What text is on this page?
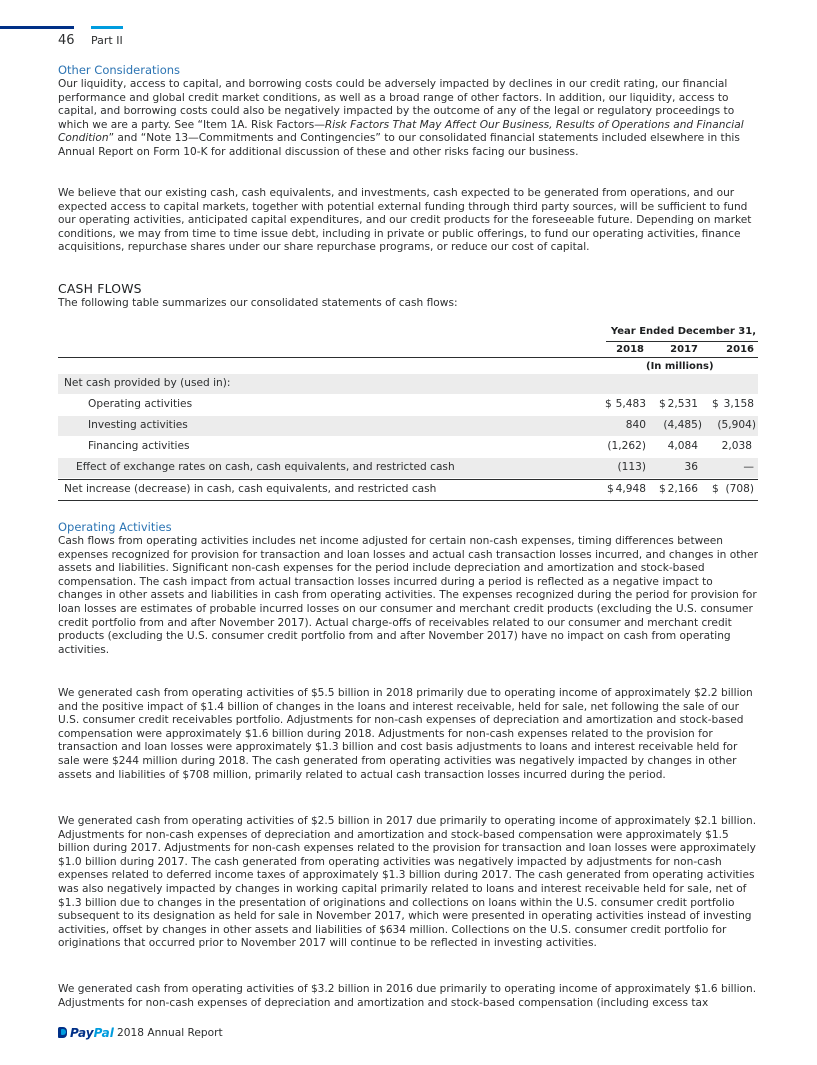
46 Part II
Other Considerations

Our liquidity, access to capital, and borrowing costs could be adversely impacted by declines in our credit rating, our financial performance and global credit market conditions, as well as a broad range of other factors. In addition, our liquidity, access to capital, and borrowing costs could also be negatively impacted by the outcome of any of the legal or regulatory proceedings to which we are a party. See “Item 1A. Risk Factors—Risk Factors That May Affect Our Business, Results of Operations and Financial Condition” and “Note 13—Commitments and Contingencies” to our consolidated financial statements included elsewhere in this Annual Report on Form 10-K for additional discussion of these and other risks facing our business.

We believe that our existing cash, cash equivalents, and investments, cash expected to be generated from operations, and our expected access to capital markets, together with potential external funding through third party sources, will be sufficient to fund our operating activities, anticipated capital expenditures, and our credit products for the foreseeable future. Depending on market conditions, we may from time to time issue debt, including in private or public offerings, to fund our operating activities, finance acquisitions, repurchase shares under our share repurchase programs, or reduce our cost of capital.

CASH FLOWS

The following table summarizes our consolidated statements of cash flows:

Year Ended December 31,
2018	2017	2016
(In millions)
Net cash provided by (used in):
Operating activities	$ 5,483 $ 2,531 $ 3,158
Investing activities	840	(4,485)	(5,904)
Financing activities	(1,262)	4,084	2,038
Effect of exchange rates on cash, cash equivalents, and restricted cash	(113)	36	—
Net increase (decrease) in cash, cash equivalents, and restricted cash	$ 4,948 $ 2,166 $ (708)
Operating Activities

Cash flows from operating activities includes net income adjusted for certain non-cash expenses, timing differences between expenses recognized for provision for transaction and loan losses and actual cash transaction losses incurred, and changes in other assets and liabilities. Significant non-cash expenses for the period include depreciation and amortization and stock-based compensation. The cash impact from actual transaction losses incurred during a period is reflected as a negative impact to changes in other assets and liabilities in cash from operating activities. The expenses recognized during the period for provision for loan losses are estimates of probable incurred losses on our consumer and merchant credit products (excluding the U.S. consumer credit portfolio from and after November 2017). Actual charge-offs of receivables related to our consumer and merchant credit products (excluding the U.S. consumer credit portfolio from and after November 2017) have no impact on cash from operating activities.

We generated cash from operating activities of $5.5 billion in 2018 primarily due to operating income of approximately $2.2 billion and the positive impact of $1.4 billion of changes in the loans and interest receivable, held for sale, net following the sale of our U.S. consumer credit receivables portfolio. Adjustments for non-cash expenses of depreciation and amortization and stock-based compensation were approximately $1.6 billion during 2018. Adjustments for non-cash expenses related to the provision for transaction and loan losses were approximately $1.3 billion and cost basis adjustments to loans and interest receivable held for sale were $244 million during 2018. The cash generated from operating activities was negatively impacted by changes in other assets and liabilities of $708 million, primarily related to actual cash transaction losses incurred during the period.

We generated cash from operating activities of $2.5 billion in 2017 due primarily to operating income of approximately $2.1 billion. Adjustments for non-cash expenses of depreciation and amortization and stock-based compensation were approximately $1.5 billion during 2017. Adjustments for non-cash expenses related to the provision for transaction and loan losses were approximately $1.0 billion during 2017. The cash generated from operating activities was negatively impacted by adjustments for non-cash expenses related to deferred income taxes of approximately $1.3 billion during 2017. The cash generated from operating activities was also negatively impacted by changes in working capital primarily related to loans and interest receivable held for sale, net of $1.3 billion due to changes in the presentation of originations and collections on loans within the U.S. consumer credit portfolio subsequent to its designation as held for sale in November 2017, which were presented in operating activities instead of investing activities, offset by changes in other assets and liabilities of $634 million. Collections on the U.S. consumer credit portfolio for originations that occurred prior to November 2017 will continue to be reflected in investing activities.

We generated cash from operating activities of $3.2 billion in 2016 due primarily to operating income of approximately $1.6 billion. Adjustments for non-cash expenses of depreciation and amortization and stock-based compensation (including excess tax

PayPal 2018 Annual Report
